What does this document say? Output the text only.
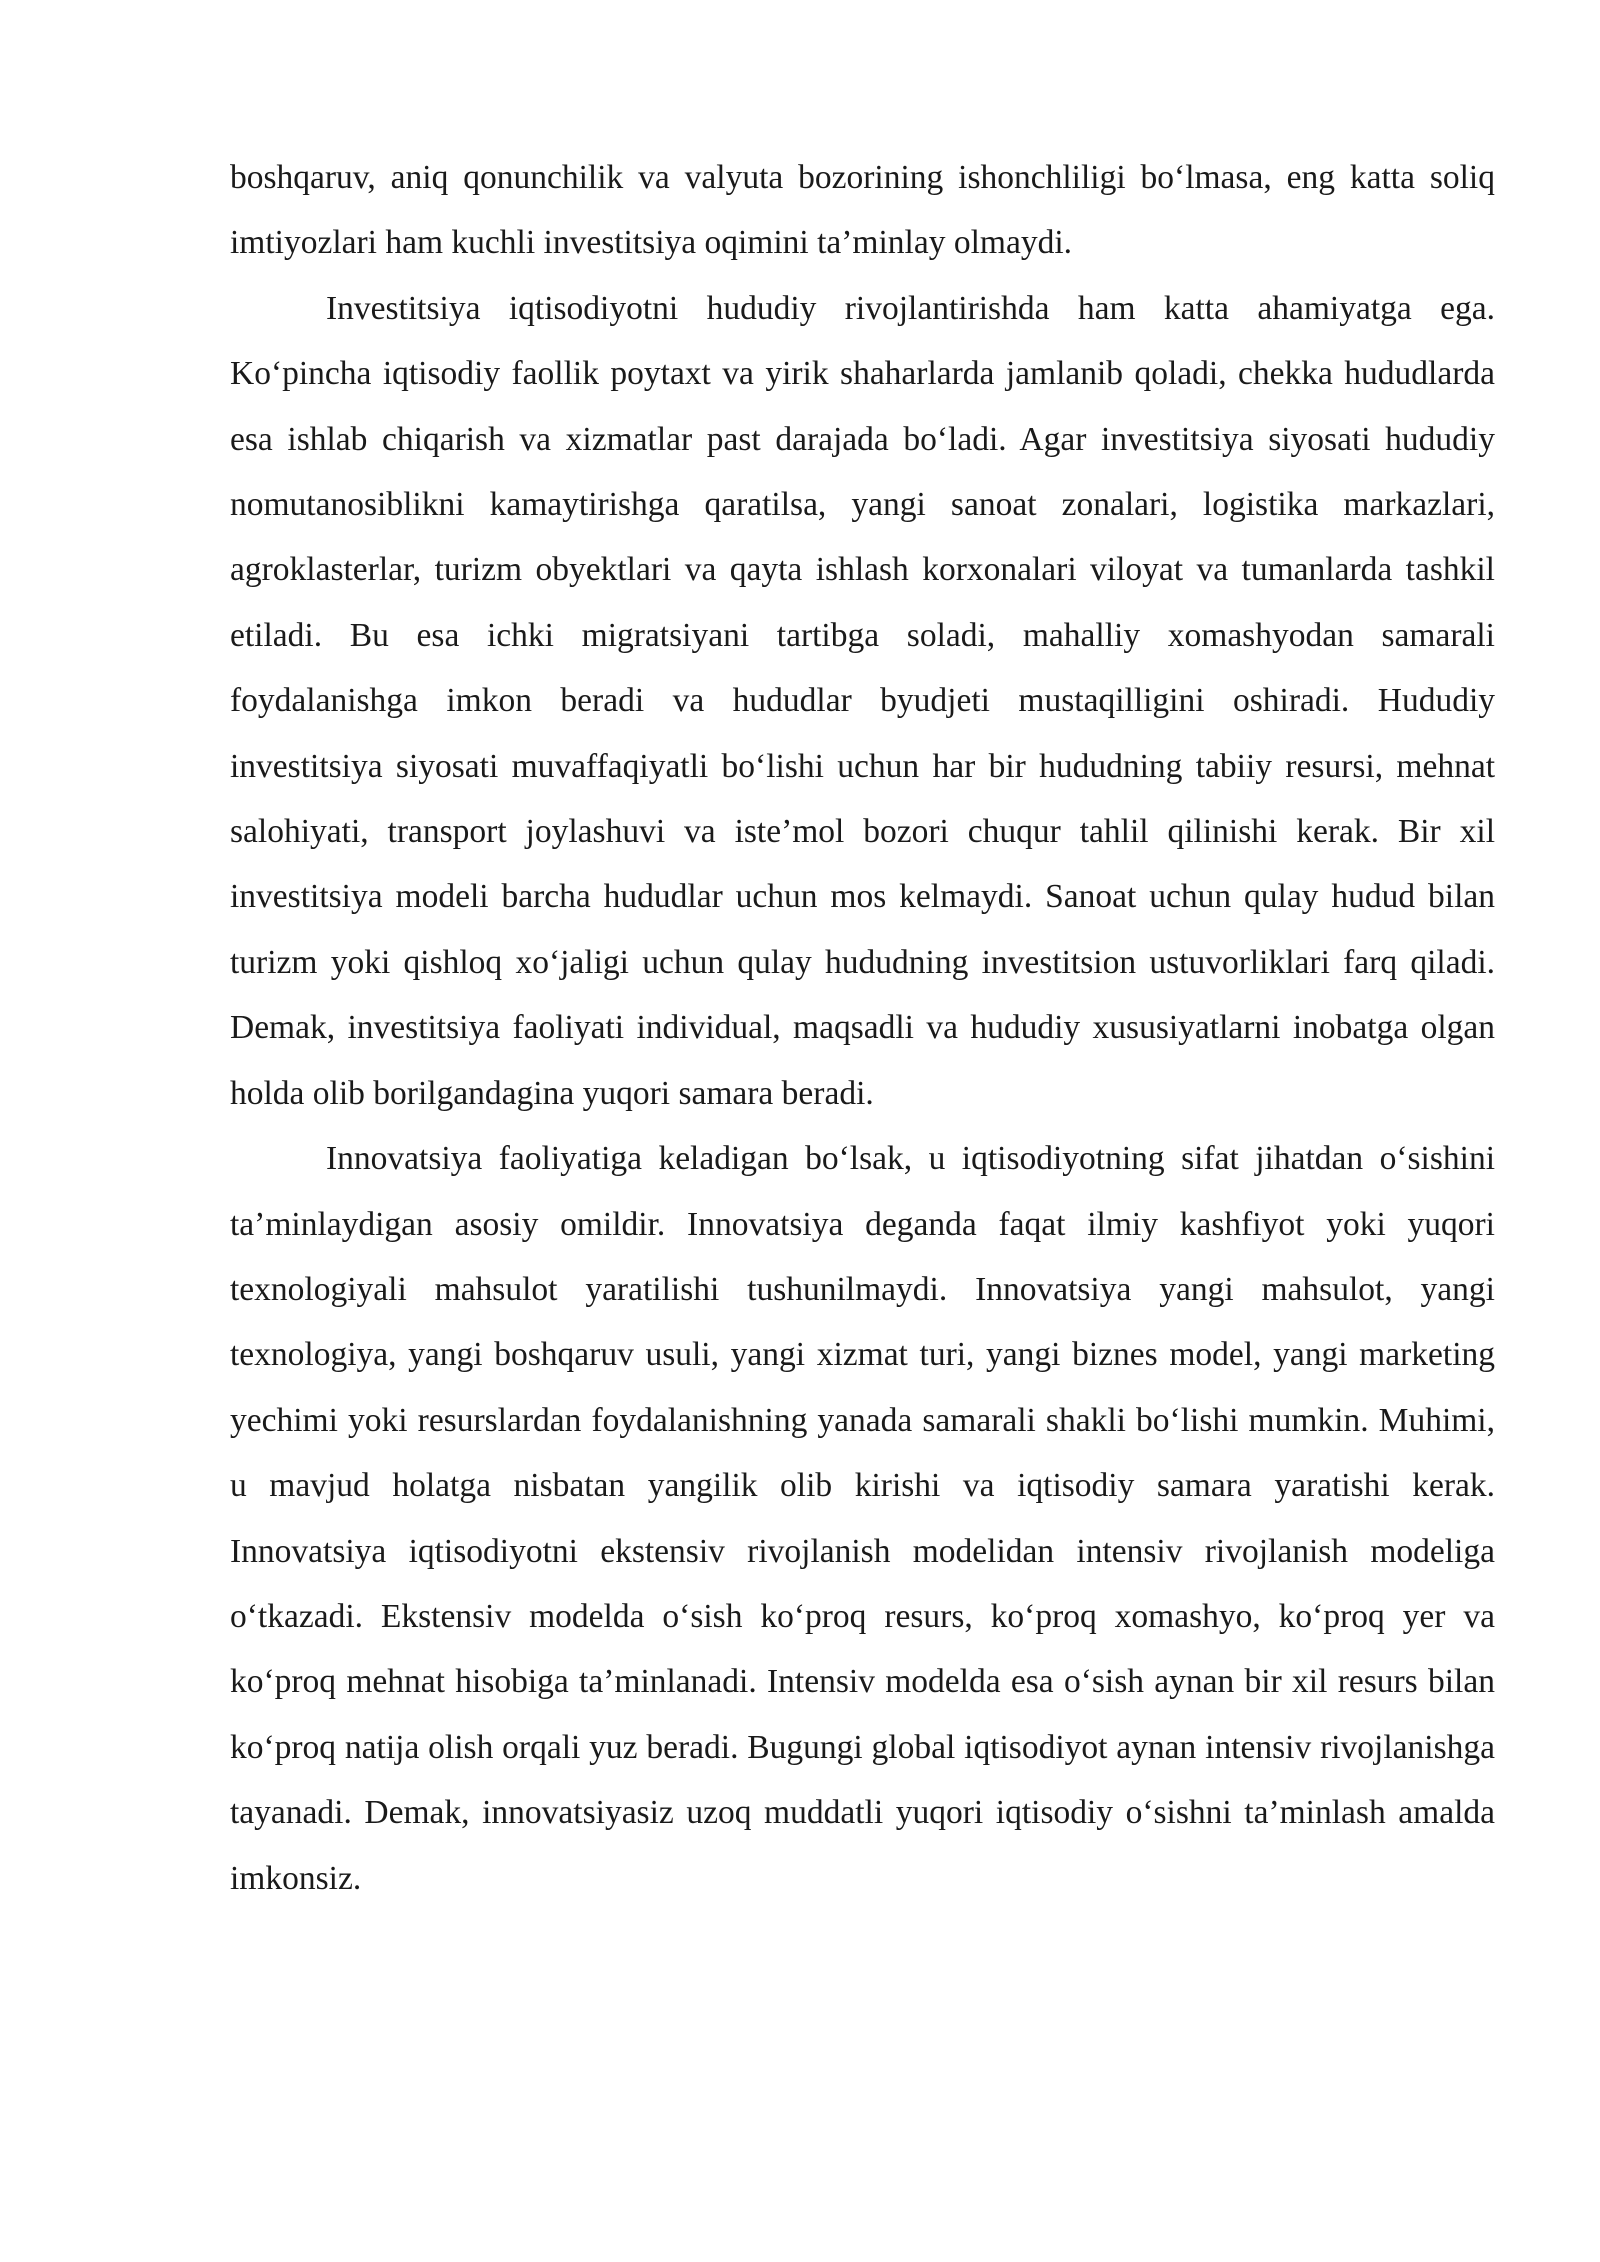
boshqaruv, aniq qonunchilik va valyuta bozorining ishonchliligi bo‘lmasa, eng katta soliq imtiyozlari ham kuchli investitsiya oqimini ta’minlay olmaydi.

Investitsiya iqtisodiyotni hududiy rivojlantirishda ham katta ahamiyatga ega. Ko‘pincha iqtisodiy faollik poytaxt va yirik shaharlarda jamlanib qoladi, chekka hududlarda esa ishlab chiqarish va xizmatlar past darajada bo‘ladi. Agar investitsiya siyosati hududiy nomutanosiblikni kamaytirishga qaratilsa, yangi sanoat zonalari, logistika markazlari, agroklasterlar, turizm obyektlari va qayta ishlash korxonalari viloyat va tumanlarda tashkil etiladi. Bu esa ichki migratsiyani tartibga soladi, mahalliy xomashyodan samarali foydalanishga imkon beradi va hududlar byudjeti mustaqilligini oshiradi. Hududiy investitsiya siyosati muvaffaqiyatli bo‘lishi uchun har bir hududning tabiiy resursi, mehnat salohiyati, transport joylashuvi va iste’mol bozori chuqur tahlil qilinishi kerak. Bir xil investitsiya modeli barcha hududlar uchun mos kelmaydi. Sanoat uchun qulay hudud bilan turizm yoki qishloq xo‘jaligi uchun qulay hududning investitsion ustuvorliklari farq qiladi. Demak, investitsiya faoliyati individual, maqsadli va hududiy xususiyatlarni inobatga olgan holda olib borilgandagina yuqori samara beradi.

Innovatsiya faoliyatiga keladigan bo‘lsak, u iqtisodiyotning sifat jihatdan o‘sishini ta’minlaydigan asosiy omildir. Innovatsiya deganda faqat ilmiy kashfiyot yoki yuqori texnologiyali mahsulot yaratilishi tushunilmaydi. Innovatsiya yangi mahsulot, yangi texnologiya, yangi boshqaruv usuli, yangi xizmat turi, yangi biznes model, yangi marketing yechimi yoki resurslardan foydalanishning yanada samarali shakli bo‘lishi mumkin. Muhimi, u mavjud holatga nisbatan yangilik olib kirishi va iqtisodiy samara yaratishi kerak. Innovatsiya iqtisodiyotni ekstensiv rivojlanish modelidan intensiv rivojlanish modeliga o‘tkazadi. Ekstensiv modelda o‘sish ko‘proq resurs, ko‘proq xomashyo, ko‘proq yer va ko‘proq mehnat hisobiga ta’minlanadi. Intensiv modelda esa o‘sish aynan bir xil resurs bilan ko‘proq natija olish orqali yuz beradi. Bugungi global iqtisodiyot aynan intensiv rivojlanishga tayanadi. Demak, innovatsiyasiz uzoq muddatli yuqori iqtisodiy o‘sishni ta’minlash amalda imkonsiz.
